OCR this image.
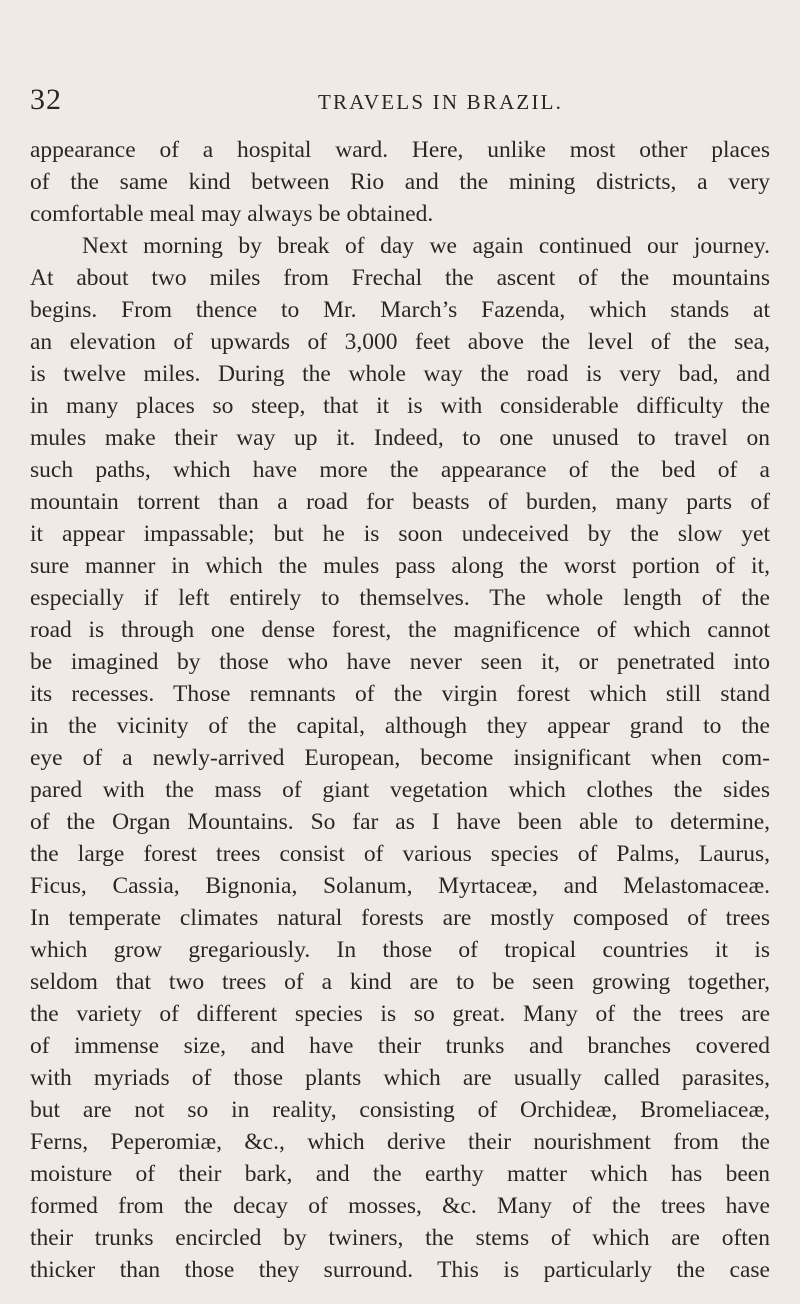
32	TRAVELS IN BRAZIL.
appearance of a hospital ward. Here, unlike most other places
of the same kind between Rio and the mining districts, a very
comfortable meal may always be obtained.
Next morning by break of day we again continued our journey.
At about two miles from Frechal the ascent of the mountains
begins. From thence to Mr. March’s Fazenda, which stands at
an elevation of upwards of 3,000 feet above the level of the sea,
is twelve miles. During the whole way the road is very bad, and
in many places so steep, that it is with considerable difficulty the
mules make their way up it. Indeed, to one unused to travel on
such paths, which have more the appearance of the bed of a
mountain torrent than a road for beasts of burden, many parts of
it appear impassable; but he is soon undeceived by the slow yet
sure manner in which the mules pass along the worst portion of it,
especially if left entirely to themselves. The whole length of the
road is through one dense forest, the magnificence of which cannot
be imagined by those who have never seen it, or penetrated into
its recesses. Those remnants of the virgin forest which still stand
in the vicinity of the capital, although they appear grand to the
eye of a newly-arrived European, become insignificant when com-
pared with the mass of giant vegetation which clothes the sides
of the Organ Mountains. So far as I have been able to determine,
the large forest trees consist of various species of Palms, Laurus,
Ficus, Cassia, Bignonia, Solanum, Myrtaceæ, and Melastomaceæ.
In temperate climates natural forests are mostly composed of trees
which grow gregariously. In those of tropical countries it is
seldom that two trees of a kind are to be seen growing together,
the variety of different species is so great. Many of the trees are
of immense size, and have their trunks and branches covered
with myriads of those plants which are usually called parasites,
but are not so in reality, consisting of Orchideæ, Bromeliaceæ,
Ferns, Peperomiæ, &c., which derive their nourishment from the
moisture of their bark, and the earthy matter which has been
formed from the decay of mosses, &c. Many of the trees have
their trunks encircled by twiners, the stems of which are often
thicker than those they surround. This is particularly the case
